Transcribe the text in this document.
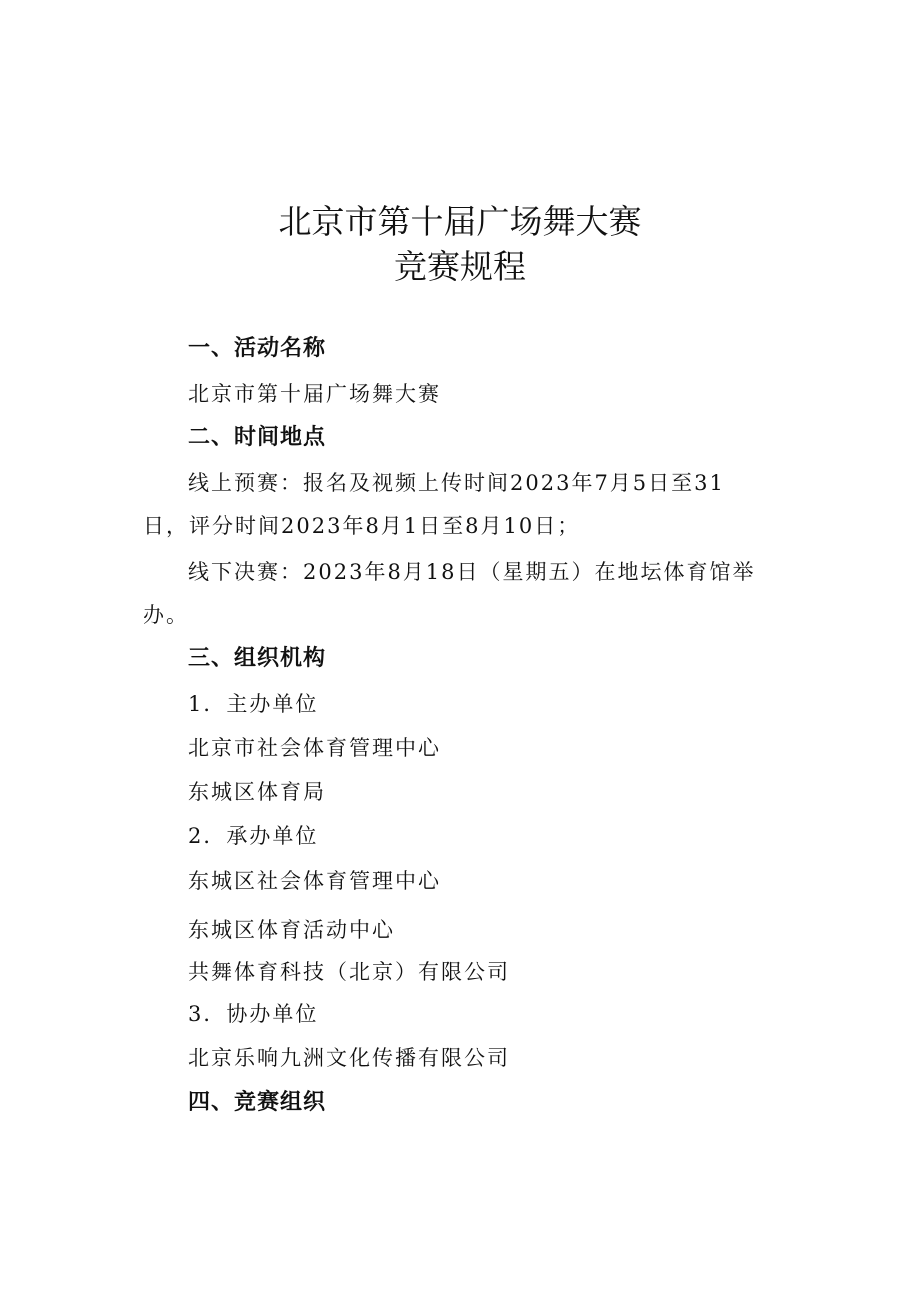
北京市第十届广场舞大赛
竞赛规程
一、活动名称
北京市第十届广场舞大赛
二、时间地点
线上预赛：报名及视频上传时间2023年7月5日至31
日，评分时间2023年8月1日至8月10日；
线下决赛：2023年8月18日（星期五）在地坛体育馆举
办。
三、组织机构
1．主办单位
北京市社会体育管理中心
东城区体育局
2．承办单位
东城区社会体育管理中心
东城区体育活动中心
共舞体育科技（北京）有限公司
3．协办单位
北京乐响九洲文化传播有限公司
四、竞赛组织
